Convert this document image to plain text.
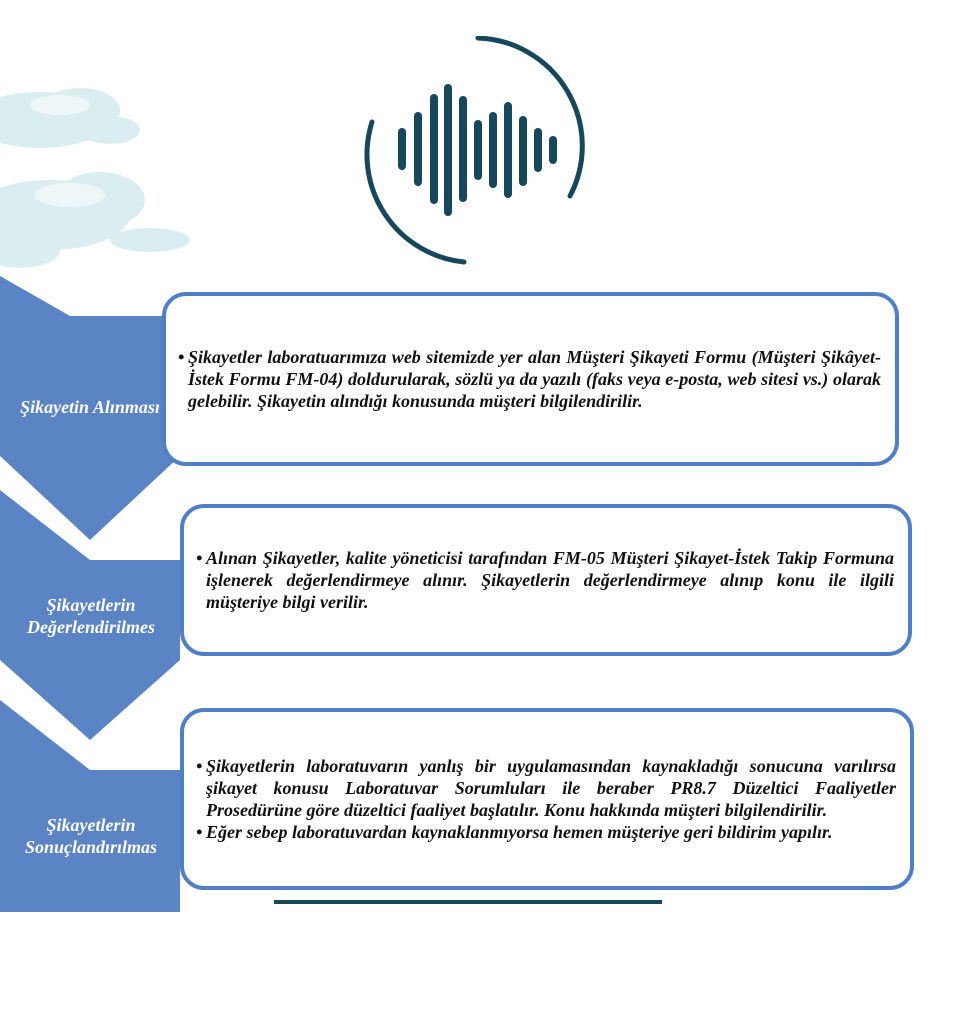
Şikayetin Alınması
• Şikayetler laboratuarımıza web sitemizde yer alan Müşteri Şikayeti Formu (Müşteri Şikâyet-İstek Formu FM-04) doldurularak, sözlü ya da yazılı (faks veya e-posta, web sitesi vs.) olarak gelebilir. Şikayetin alındığı konusunda müşteri bilgilendirilir.
Şikayetlerin Değerlendirilmes
• Alınan Şikayetler, kalite yöneticisi tarafından FM-05 Müşteri Şikayet-İstek Takip Formuna işlenerek değerlendirmeye alınır. Şikayetlerin değerlendirmeye alınıp konu ile ilgili müşteriye bilgi verilir.
Şikayetlerin Sonuçlandırılmas
• Şikayetlerin laboratuvarın yanlış bir uygulamasından kaynakladığı sonucuna varılırsa şikayet konusu Laboratuvar Sorumluları ile beraber PR8.7 Düzeltici Faaliyetler Prosedürüne göre düzeltici faaliyet başlatılır. Konu hakkında müşteri bilgilendirilir.
• Eğer sebep laboratuvardan kaynaklanmıyorsa hemen müşteriye geri bildirim yapılır.
